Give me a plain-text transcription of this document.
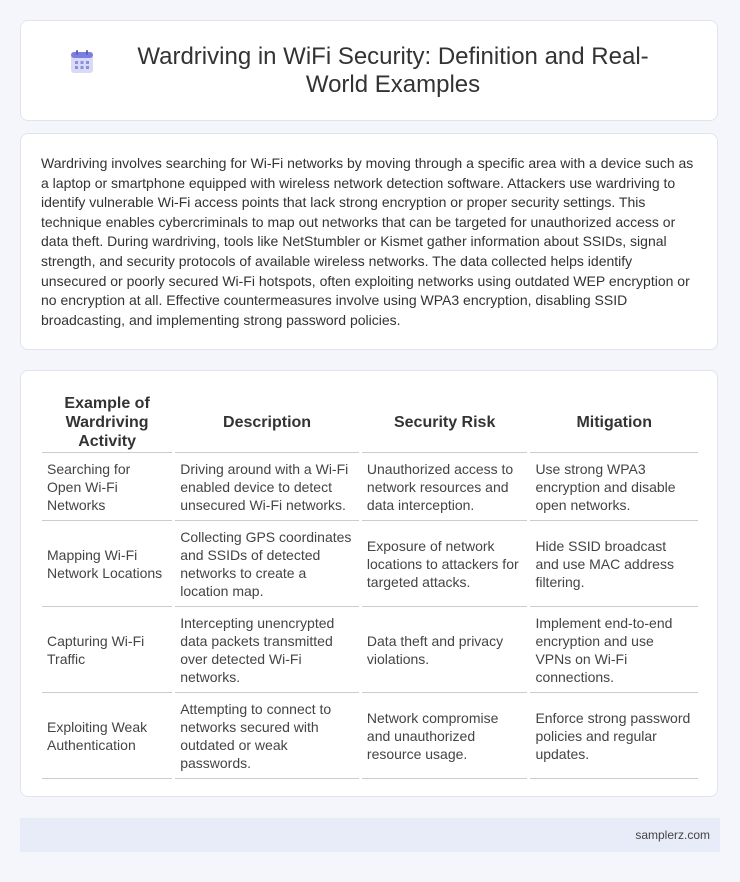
Wardriving in WiFi Security: Definition and Real-World Examples

Wardriving involves searching for Wi-Fi networks by moving through a specific area with a device such as a laptop or smartphone equipped with wireless network detection software. Attackers use wardriving to identify vulnerable Wi-Fi access points that lack strong encryption or proper security settings. This technique enables cybercriminals to map out networks that can be targeted for unauthorized access or data theft. During wardriving, tools like NetStumbler or Kismet gather information about SSIDs, signal strength, and security protocols of available wireless networks. The data collected helps identify unsecured or poorly secured Wi-Fi hotspots, often exploiting networks using outdated WEP encryption or no encryption at all. Effective countermeasures involve using WPA3 encryption, disabling SSID broadcasting, and implementing strong password policies.

Example of Wardriving Activity	Description	Security Risk	Mitigation
Searching for Open Wi-Fi Networks	Driving around with a Wi-Fi enabled device to detect unsecured Wi-Fi networks.	Unauthorized access to network resources and data interception.	Use strong WPA3 encryption and disable open networks.
Mapping Wi-Fi Network Locations	Collecting GPS coordinates and SSIDs of detected networks to create a location map.	Exposure of network locations to attackers for targeted attacks.	Hide SSID broadcast and use MAC address filtering.
Capturing Wi-Fi Traffic	Intercepting unencrypted data packets transmitted over detected Wi-Fi networks.	Data theft and privacy violations.	Implement end-to-end encryption and use VPNs on Wi-Fi connections.
Exploiting Weak Authentication	Attempting to connect to networks secured with outdated or weak passwords.	Network compromise and unauthorized resource usage.	Enforce strong password policies and regular updates.
samplerz.com
